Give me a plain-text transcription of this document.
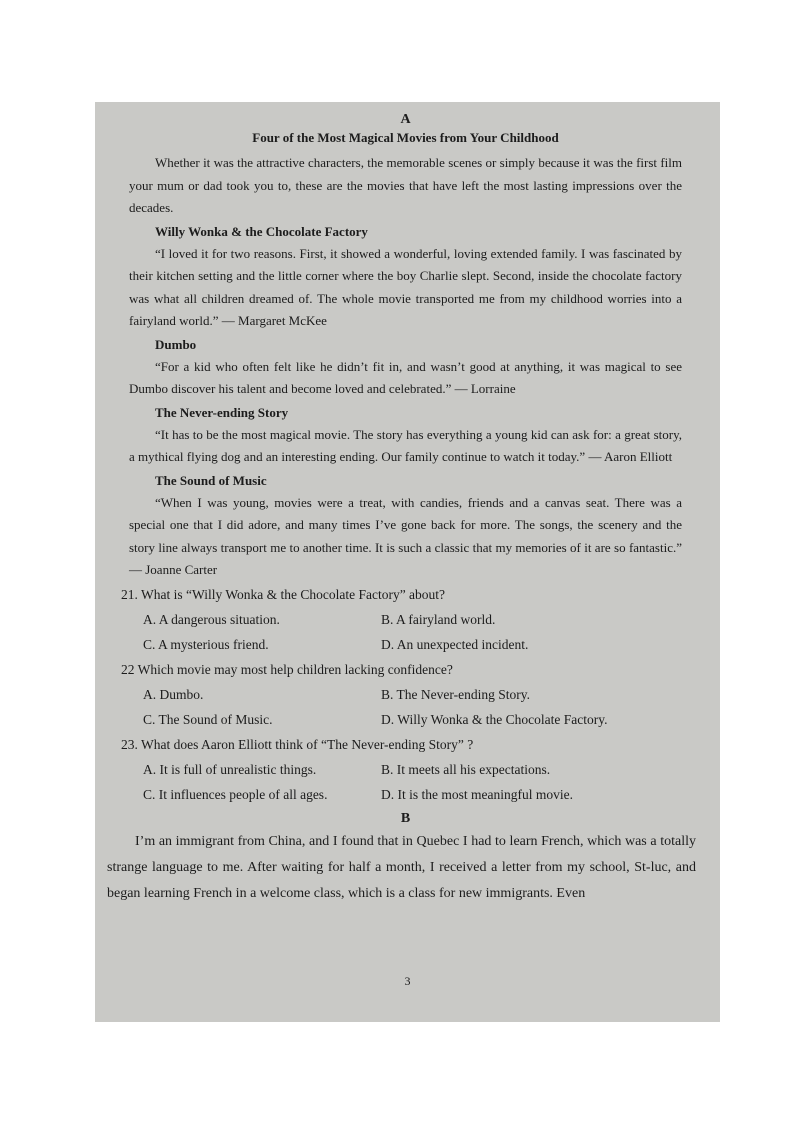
A
Four of the Most Magical Movies from Your Childhood

Whether it was the attractive characters, the memorable scenes or simply because it was the first film your mum or dad took you to, these are the movies that have left the most lasting impressions over the decades.

Willy Wonka & the Chocolate Factory

“I loved it for two reasons. First, it showed a wonderful, loving extended family. I was fascinated by their kitchen setting and the little corner where the boy Charlie slept. Second, inside the chocolate factory was what all children dreamed of. The whole movie transported me from my childhood worries into a fairyland world.” — Margaret McKee

Dumbo

“For a kid who often felt like he didn’t fit in, and wasn’t good at anything, it was magical to see Dumbo discover his talent and become loved and celebrated.” — Lorraine

The Never-ending Story

“It has to be the most magical movie. The story has everything a young kid can ask for: a great story, a mythical flying dog and an interesting ending. Our family continue to watch it today.” — Aaron Elliott

The Sound of Music

“When I was young, movies were a treat, with candies, friends and a canvas seat. There was a special one that I did adore, and many times I’ve gone back for more. The songs, the scenery and the story line always transport me to another time. It is such a classic that my memories of it are so fantastic.” — Joanne Carter

21. What is “Willy Wonka & the Chocolate Factory” about?
A. A dangerous situation.	B. A fairyland world.
C. A mysterious friend.	D. An unexpected incident.
22 Which movie may most help children lacking confidence?
A. Dumbo.	B. The Never-ending Story.
C. The Sound of Music.	D. Willy Wonka & the Chocolate Factory.
23. What does Aaron Elliott think of “The Never-ending Story” ?
A. It is full of unrealistic things.	B. It meets all his expectations.
C. It influences people of all ages.	D. It is the most meaningful movie.
B

I’m an immigrant from China, and I found that in Quebec I had to learn French, which was a totally strange language to me. After waiting for half a month, I received a letter from my school, St-luc, and began learning French in a welcome class, which is a class for new immigrants. Even

3
